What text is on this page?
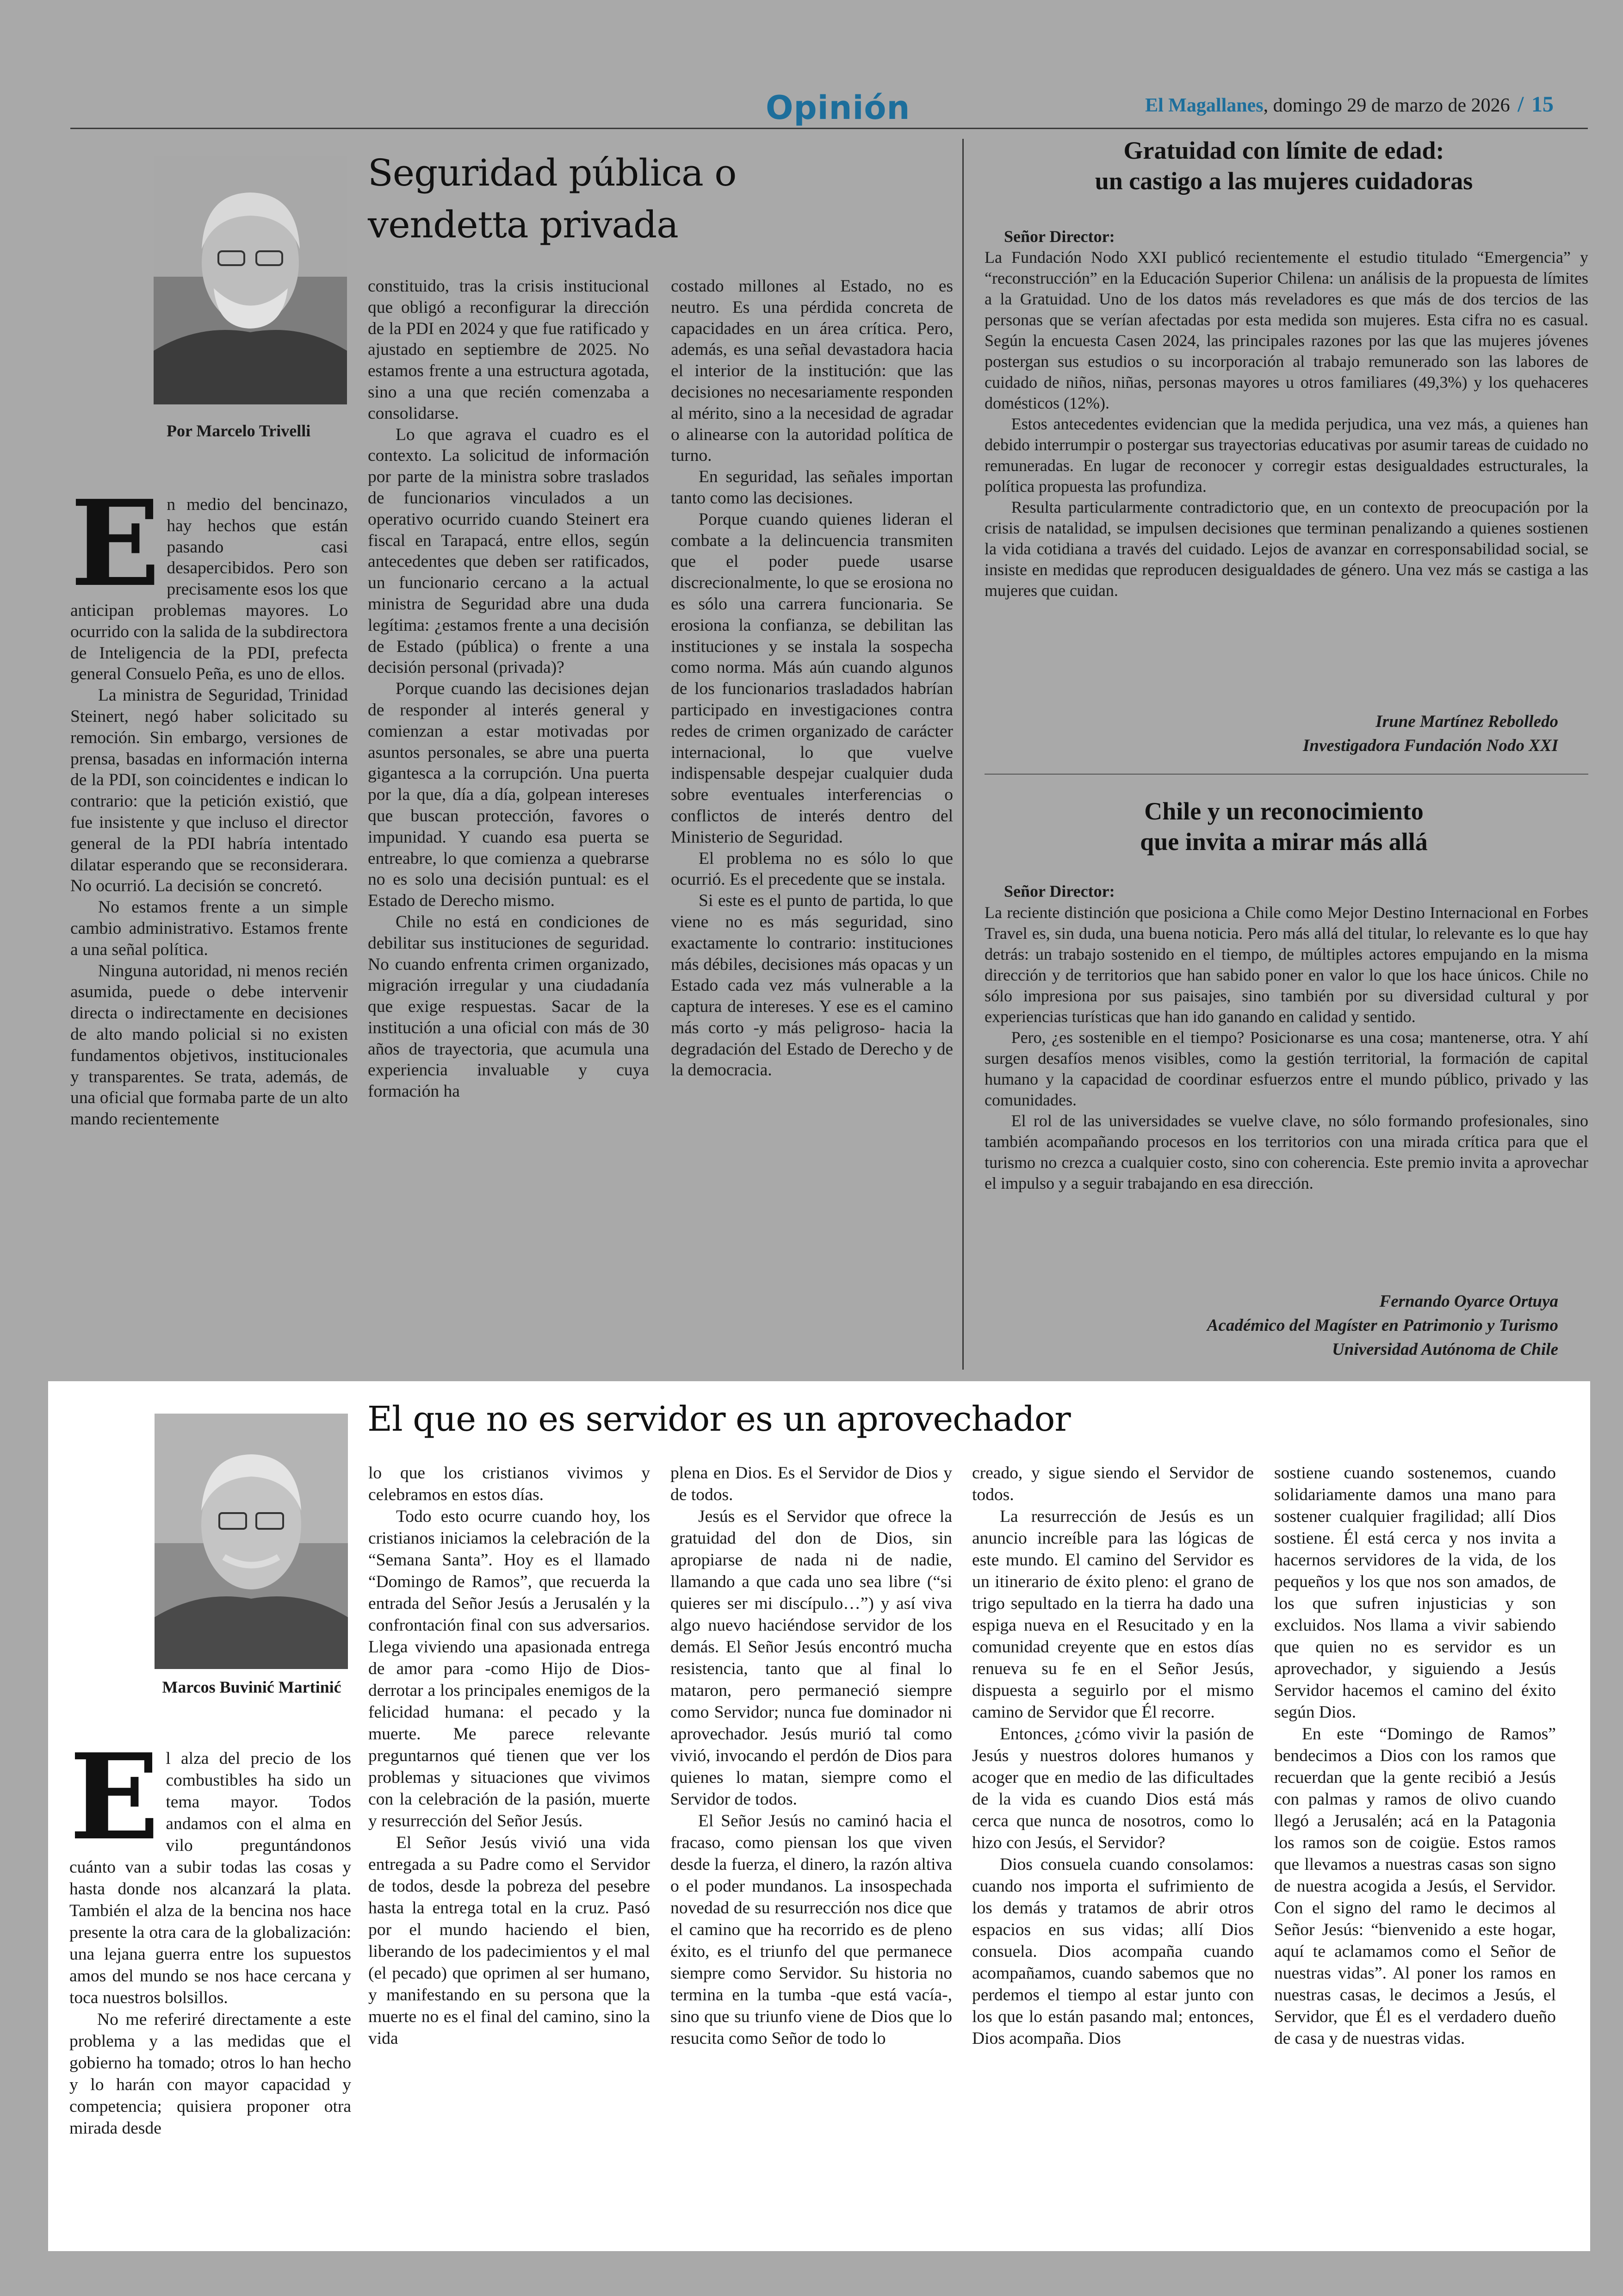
Opinión	El Magallanes, domingo 29 de marzo de 2026 / 15
Por Marcelo Trivelli
Seguridad pública o
vendetta privada
E n medio del bencinazo, hay hechos que están pasando casi desapercibidos. Pero son precisamente esos los que anticipan problemas mayores. Lo ocurrido con la salida de la subdirectora de Inteligencia de la PDI, prefecta general Consuelo Peña, es uno de ellos.

La ministra de Seguridad, Trinidad Steinert, negó haber solicitado su remoción. Sin embargo, versiones de prensa, basadas en información interna de la PDI, son coincidentes e indican lo contrario: que la petición existió, que fue insistente y que incluso el director general de la PDI habría intentado dilatar esperando que se reconsiderara. No ocurrió. La decisión se concretó.

No estamos frente a un simple cambio administrativo. Estamos frente a una señal política.

Ninguna autoridad, ni menos recién asumida, puede o debe intervenir directa o indirectamente en decisiones de alto mando policial si no existen fundamentos objetivos, institucionales y transparentes. Se trata, además, de una oficial que formaba parte de un alto mando recientemente

constituido, tras la crisis institucional que obligó a reconfigurar la dirección de la PDI en 2024 y que fue ratificado y ajustado en septiembre de 2025. No estamos frente a una estructura agotada, sino a una que recién comenzaba a consolidarse.

Lo que agrava el cuadro es el contexto. La solicitud de información por parte de la ministra sobre traslados de funcionarios vinculados a un operativo ocurrido cuando Steinert era fiscal en Tarapacá, entre ellos, según antecedentes que deben ser ratificados, un funcionario cercano a la actual ministra de Seguridad abre una duda legítima: ¿estamos frente a una decisión de Estado (pública) o frente a una decisión personal (privada)?

Porque cuando las decisiones dejan de responder al interés general y comienzan a estar motivadas por asuntos personales, se abre una puerta gigantesca a la corrupción. Una puerta por la que, día a día, golpean intereses que buscan protección, favores o impunidad. Y cuando esa puerta se entreabre, lo que comienza a quebrarse no es solo una decisión puntual: es el Estado de Derecho mismo.

Chile no está en condiciones de debilitar sus instituciones de seguridad. No cuando enfrenta crimen organizado, migración irregular y una ciudadanía que exige respuestas. Sacar de la institución a una oficial con más de 30 años de trayectoria, que acumula una experiencia invaluable y cuya formación ha

costado millones al Estado, no es neutro. Es una pérdida concreta de capacidades en un área crítica. Pero, además, es una señal devastadora hacia el interior de la institución: que las decisiones no necesariamente responden al mérito, sino a la necesidad de agradar o alinearse con la autoridad política de turno.

En seguridad, las señales importan tanto como las decisiones.

Porque cuando quienes lideran el combate a la delincuencia transmiten que el poder puede usarse discrecionalmente, lo que se erosiona no es sólo una carrera funcionaria. Se erosiona la confianza, se debilitan las instituciones y se instala la sospecha como norma. Más aún cuando algunos de los funcionarios trasladados habrían participado en investigaciones contra redes de crimen organizado de carácter internacional, lo que vuelve indispensable despejar cualquier duda sobre eventuales interferencias o conflictos de interés dentro del Ministerio de Seguridad.

El problema no es sólo lo que ocurrió. Es el precedente que se instala.

Si este es el punto de partida, lo que viene no es más seguridad, sino exactamente lo contrario: instituciones más débiles, decisiones más opacas y un Estado cada vez más vulnerable a la captura de intereses. Y ese es el camino más corto -y más peligroso- hacia la degradación del Estado de Derecho y de la democracia.

Gratuidad con límite de edad:
un castigo a las mujeres cuidadoras
Señor Director:

La Fundación Nodo XXI publicó recientemente el estudio titulado “Emergencia” y “reconstrucción” en la Educación Superior Chilena: un análisis de la propuesta de límites a la Gratuidad. Uno de los datos más reveladores es que más de dos tercios de las personas que se verían afectadas por esta medida son mujeres. Esta cifra no es casual. Según la encuesta Casen 2024, las principales razones por las que las mujeres jóvenes postergan sus estudios o su incorporación al trabajo remunerado son las labores de cuidado de niños, niñas, personas mayores u otros familiares (49,3%) y los quehaceres domésticos (12%).

Estos antecedentes evidencian que la medida perjudica, una vez más, a quienes han debido interrumpir o postergar sus trayectorias educativas por asumir tareas de cuidado no remuneradas. En lugar de reconocer y corregir estas desigualdades estructurales, la política propuesta las profundiza.

Resulta particularmente contradictorio que, en un contexto de preocupación por la crisis de natalidad, se impulsen decisiones que terminan penalizando a quienes sostienen la vida cotidiana a través del cuidado. Lejos de avanzar en corresponsabilidad social, se insiste en medidas que reproducen desigualdades de género. Una vez más se castiga a las mujeres que cuidan.

Irune Martínez Rebolledo
Investigadora Fundación Nodo XXI
Chile y un reconocimiento
que invita a mirar más allá
Señor Director:

La reciente distinción que posiciona a Chile como Mejor Destino Internacional en Forbes Travel es, sin duda, una buena noticia. Pero más allá del titular, lo relevante es lo que hay detrás: un trabajo sostenido en el tiempo, de múltiples actores empujando en la misma dirección y de territorios que han sabido poner en valor lo que los hace únicos. Chile no sólo impresiona por sus paisajes, sino también por su diversidad cultural y por experiencias turísticas que han ido ganando en calidad y sentido.

Pero, ¿es sostenible en el tiempo? Posicionarse es una cosa; mantenerse, otra. Y ahí surgen desafíos menos visibles, como la gestión territorial, la formación de capital humano y la capacidad de coordinar esfuerzos entre el mundo público, privado y las comunidades.

El rol de las universidades se vuelve clave, no sólo formando profesionales, sino también acompañando procesos en los territorios con una mirada crítica para que el turismo no crezca a cualquier costo, sino con coherencia. Este premio invita a aprovechar el impulso y a seguir trabajando en esa dirección.

Fernando Oyarce Ortuya
Académico del Magíster en Patrimonio y Turismo
Universidad Autónoma de Chile
Marcos Buvinić Martinić
El que no es servidor es un aprovechador
E l alza del precio de los combustibles ha sido un tema mayor. Todos andamos con el alma en vilo preguntándonos cuánto van a subir todas las cosas y hasta donde nos alcanzará la plata. También el alza de la bencina nos hace presente la otra cara de la globalización: una lejana guerra entre los supuestos amos del mundo se nos hace cercana y toca nuestros bolsillos.

No me referiré directamente a este problema y a las medidas que el gobierno ha tomado; otros lo han hecho y lo harán con mayor capacidad y competencia; quisiera proponer otra mirada desde

lo que los cristianos vivimos y celebramos en estos días.

Todo esto ocurre cuando hoy, los cristianos iniciamos la celebración de la “Semana Santa”. Hoy es el llamado “Domingo de Ramos”, que recuerda la entrada del Señor Jesús a Jerusalén y la confrontación final con sus adversarios. Llega viviendo una apasionada entrega de amor para -como Hijo de Dios- derrotar a los principales enemigos de la felicidad humana: el pecado y la muerte. Me parece relevante preguntarnos qué tienen que ver los problemas y situaciones que vivimos con la celebración de la pasión, muerte y resurrección del Señor Jesús.

El Señor Jesús vivió una vida entregada a su Padre como el Servidor de todos, desde la pobreza del pesebre hasta la entrega total en la cruz. Pasó por el mundo haciendo el bien, liberando de los padecimientos y el mal (el pecado) que oprimen al ser humano, y manifestando en su persona que la muerte no es el final del camino, sino la vida

plena en Dios. Es el Servidor de Dios y de todos.

Jesús es el Servidor que ofrece la gratuidad del don de Dios, sin apropiarse de nada ni de nadie, llamando a que cada uno sea libre (“si quieres ser mi discípulo…”) y así viva algo nuevo haciéndose servidor de los demás. El Señor Jesús encontró mucha resistencia, tanto que al final lo mataron, pero permaneció siempre como Servidor; nunca fue dominador ni aprovechador. Jesús murió tal como vivió, invocando el perdón de Dios para quienes lo matan, siempre como el Servidor de todos.

El Señor Jesús no caminó hacia el fracaso, como piensan los que viven desde la fuerza, el dinero, la razón altiva o el poder mundanos. La insospechada novedad de su resurrección nos dice que el camino que ha recorrido es de pleno éxito, es el triunfo del que permanece siempre como Servidor. Su historia no termina en la tumba -que está vacía-, sino que su triunfo viene de Dios que lo resucita como Señor de todo lo

creado, y sigue siendo el Servidor de todos.

La resurrección de Jesús es un anuncio increíble para las lógicas de este mundo. El camino del Servidor es un itinerario de éxito pleno: el grano de trigo sepultado en la tierra ha dado una espiga nueva en el Resucitado y en la comunidad creyente que en estos días renueva su fe en el Señor Jesús, dispuesta a seguirlo por el mismo camino de Servidor que Él recorre.

Entonces, ¿cómo vivir la pasión de Jesús y nuestros dolores humanos y acoger que en medio de las dificultades de la vida es cuando Dios está más cerca que nunca de nosotros, como lo hizo con Jesús, el Servidor?

Dios consuela cuando consolamos: cuando nos importa el sufrimiento de los demás y tratamos de abrir otros espacios en sus vidas; allí Dios consuela. Dios acompaña cuando acompañamos, cuando sabemos que no perdemos el tiempo al estar junto con los que lo están pasando mal; entonces, Dios acompaña. Dios

sostiene cuando sostenemos, cuando solidariamente damos una mano para sostener cualquier fragilidad; allí Dios sostiene. Él está cerca y nos invita a hacernos servidores de la vida, de los pequeños y los que nos son amados, de los que sufren injusticias y son excluidos. Nos llama a vivir sabiendo que quien no es servidor es un aprovechador, y siguiendo a Jesús Servidor hacemos el camino del éxito según Dios.

En este “Domingo de Ramos” bendecimos a Dios con los ramos que recuerdan que la gente recibió a Jesús con palmas y ramos de olivo cuando llegó a Jerusalén; acá en la Patagonia los ramos son de coigüe. Estos ramos que llevamos a nuestras casas son signo de nuestra acogida a Jesús, el Servidor. Con el signo del ramo le decimos al Señor Jesús: “bienvenido a este hogar, aquí te aclamamos como el Señor de nuestras vidas”. Al poner los ramos en nuestras casas, le decimos a Jesús, el Servidor, que Él es el verdadero dueño de casa y de nuestras vidas.
